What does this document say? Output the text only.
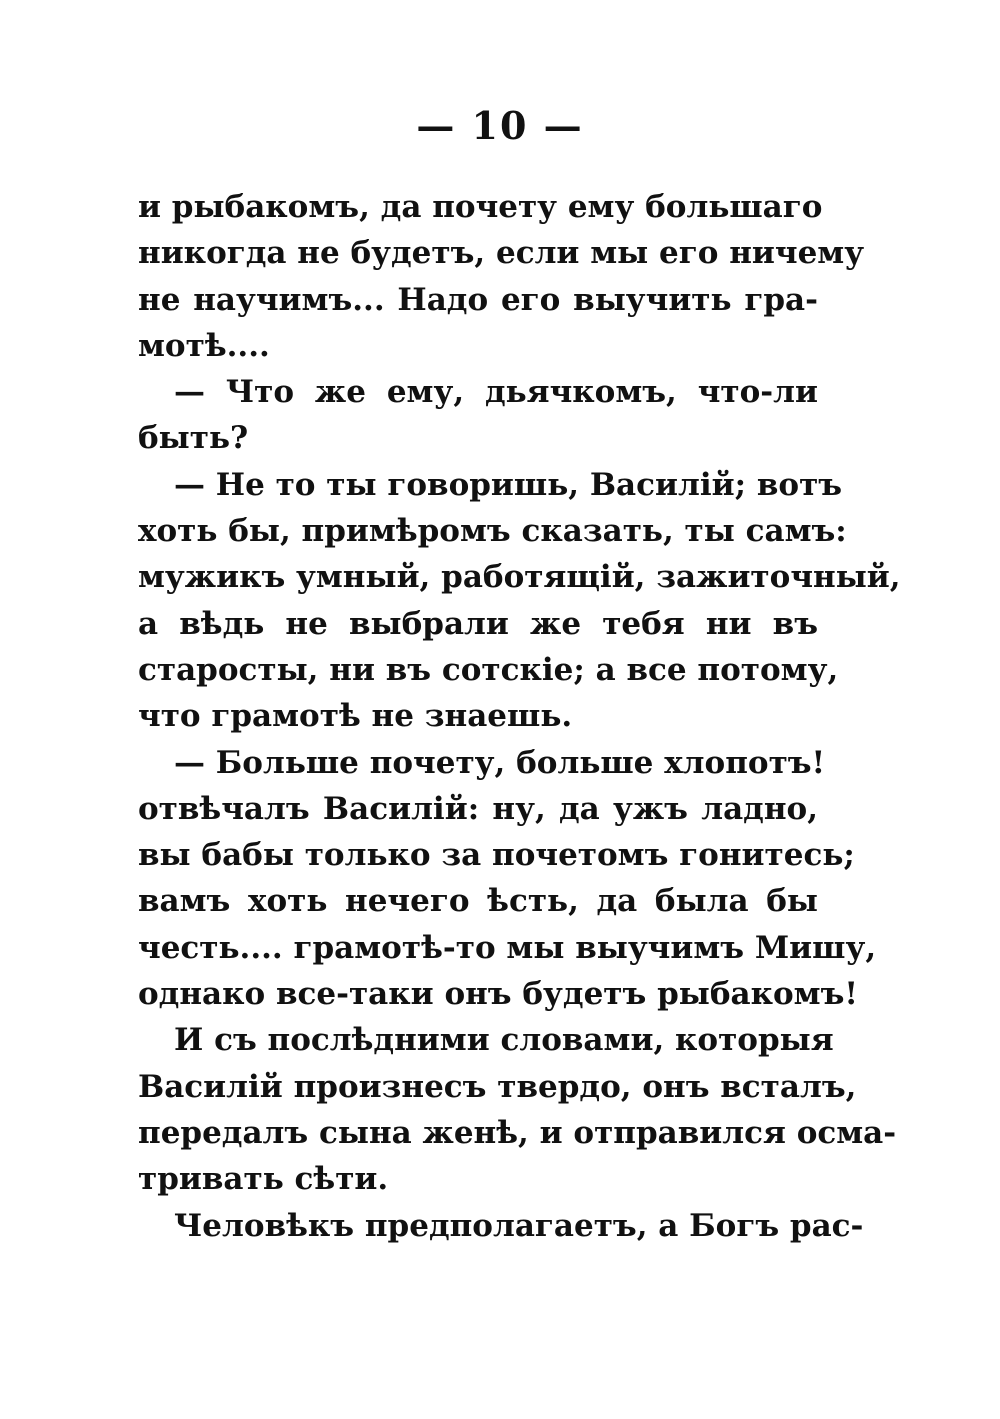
— 10 —
и рыбакомъ, да почету ему большаго
никогда не будетъ, если мы его ничему
не научимъ... Надо его выучить гра-
мотѣ....
— Что же ему, дьячкомъ, что-ли
быть?
— Не то ты говоришь, Василій; вотъ
хоть бы, примѣромъ сказать, ты самъ:
мужикъ умный, работящій, зажиточный,
а вѣдь не выбрали же тебя ни въ
старосты, ни въ сотскіе; а все потому,
что грамотѣ не знаешь.
— Больше почету, больше хлопотъ!
отвѣчалъ Василій: ну, да ужъ ладно,
вы бабы только за почетомъ гонитесь;
вамъ хоть нечего ѣсть, да была бы
честь.... грамотѣ-то мы выучимъ Мишу,
однако все-таки онъ будетъ рыбакомъ!
И съ послѣдними словами, которыя
Василій произнесъ твердо, онъ всталъ,
передалъ сына женѣ, и отправился осма-
тривать сѣти.
Человѣкъ предполагаетъ, а Богъ рас-
